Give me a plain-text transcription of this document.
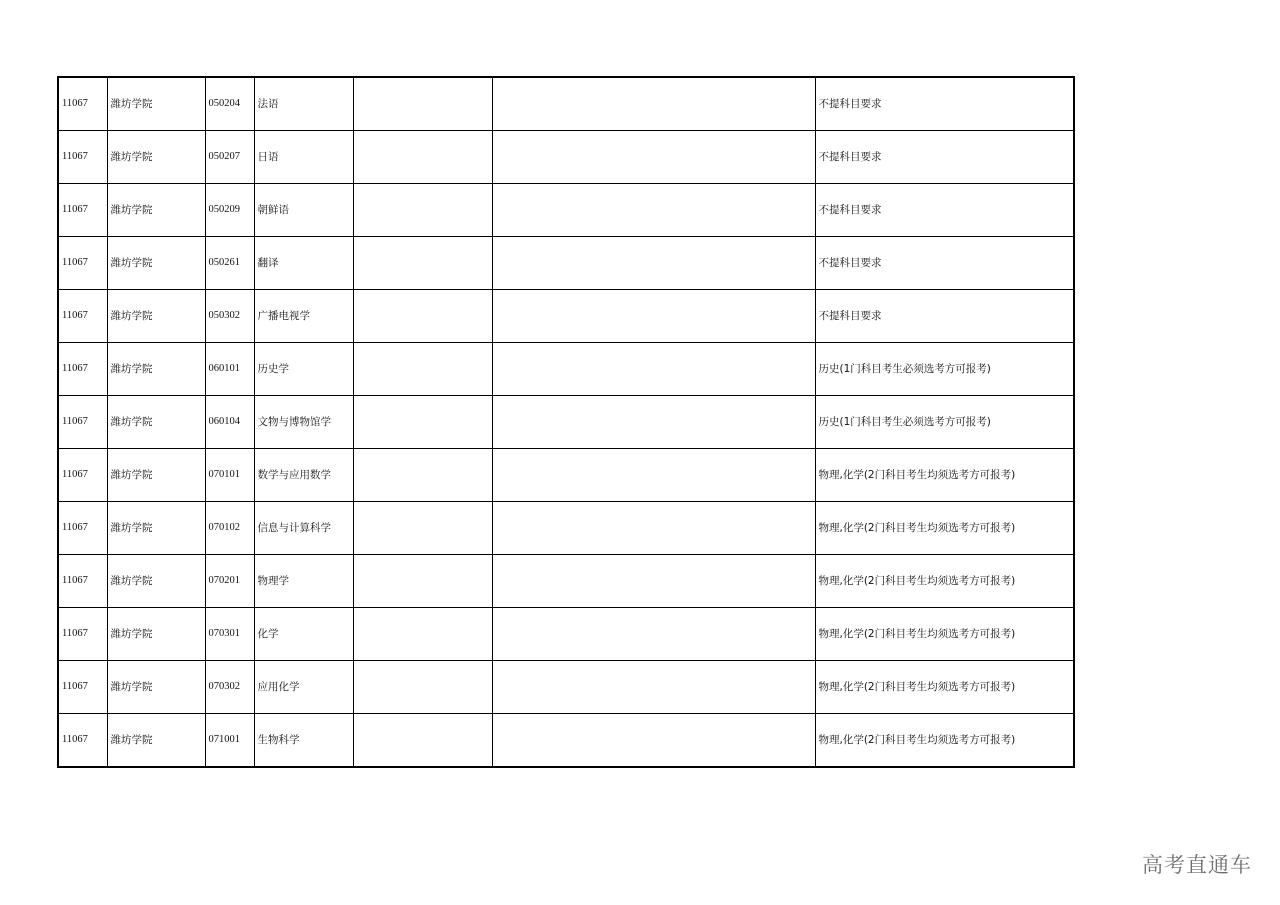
11067	潍坊学院	050204	法语			不提科目要求
11067	潍坊学院	050207	日语			不提科目要求
11067	潍坊学院	050209	朝鲜语			不提科目要求
11067	潍坊学院	050261	翻译			不提科目要求
11067	潍坊学院	050302	广播电视学			不提科目要求
11067	潍坊学院	060101	历史学			历史(1门科目考生必须选考方可报考)
11067	潍坊学院	060104	文物与博物馆学			历史(1门科目考生必须选考方可报考)
11067	潍坊学院	070101	数学与应用数学			物理,化学(2门科目考生均须选考方可报考)
11067	潍坊学院	070102	信息与计算科学			物理,化学(2门科目考生均须选考方可报考)
11067	潍坊学院	070201	物理学			物理,化学(2门科目考生均须选考方可报考)
11067	潍坊学院	070301	化学			物理,化学(2门科目考生均须选考方可报考)
11067	潍坊学院	070302	应用化学			物理,化学(2门科目考生均须选考方可报考)
11067	潍坊学院	071001	生物科学			物理,化学(2门科目考生均须选考方可报考)
高考直通车
